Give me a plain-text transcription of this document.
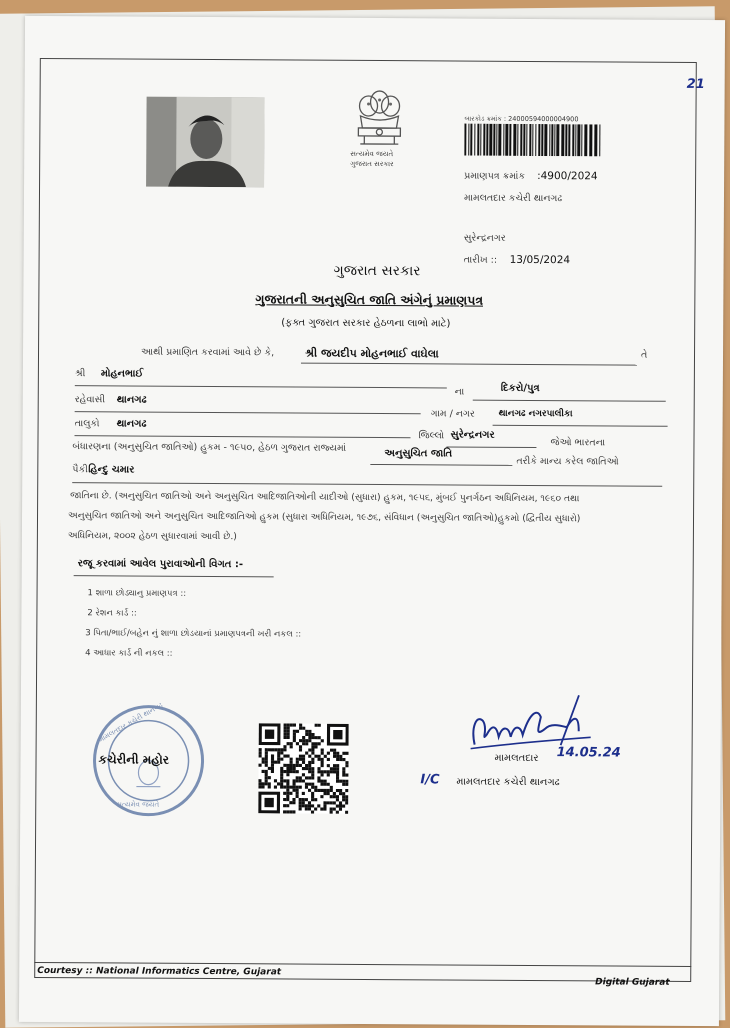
21
સત્યમેવ જયતે
ગુજરાત સરકાર
બારકોડ ક્રમાંક : 24000594000004900
પ્રમાણપત્ર ક્રમાંક :4900/2024
મામલતદાર કચેરી થાનગઢ
સુરેન્દ્રનગર
તારીખ :: 13/05/2024
ગુજરાત સરકાર
ગુજરાતની અનુસુચિત જાતિ અંગેનું પ્રમાણપત્ર
(ફક્ત ગુજરાત સરકાર હેઠળના લાભો માટે)
આથી પ્રમાણિત કરવામાં આવે છે કે,	શ્રી જયદીપ મોહનભાઈ વાઘેલા	તે
શ્રી મોહનભાઈ
ના	દિકરો/પુત્ર
રહેવાસી થાનગઢ
ગામ / નગર	થાનગઢ નગરપાલીકા
તાલુકો થાનગઢ
જિલ્લો સુરેન્દ્રનગર
જેઓ ભારતના
બંધારણના (અનુસુચિત જાતિઓ) હુકમ - ૧૯૫૦, હેઠળ ગુજરાત રાજ્યમાં	અનુસુચિત જાતિ
તરીકે માન્ય કરેલ જાતિઓ
પૈકી હિન્દુ ચમાર
જાતિના છે. (અનુસુચિત જાતિઓ અને અનુસુચિત આદિજાતિઓની યાદીઓ (સુધારા) હુકમ, ૧૯૫૬, મુંબઈ પુનર્ગઠન અધિનિયમ, ૧૯૬૦ તથા
અનુસુચિત જાતિઓ અને અનુસુચિત આદિજાતિઓ હુકમ (સુધારા અધિનિયમ, ૧૯૭૬, સંવિધાન (અનુસુચિત જાતિઓ)હુકમો (દ્વિતીય સુધારો)
અધિનિયમ, ૨૦૦૨ હેઠળ સુધારવામાં આવી છે.)
રજૂ કરવામાં આવેલ પુરાવાઓની વિગત :-
1 શાળા છોડ્યાનુ પ્રમાણપત્ર ::
2 રેશન કાર્ડ ::
3 પિતા/ભાઈ/બહેન નું શાળા છોડયાનાં પ્રમાણપત્રની ખરી નકલ ::
4 આધાર કાર્ડ ની નકલ ::
મામલતદાર કચેરી થાનગઢ
સત્યમેવ જયતે
કચેરીની મહોર	14.05.24
I/C
મામલતદાર
મામલતદાર કચેરી થાનગઢ
Courtesy :: National Informatics Centre, Gujarat
Digital Gujarat
